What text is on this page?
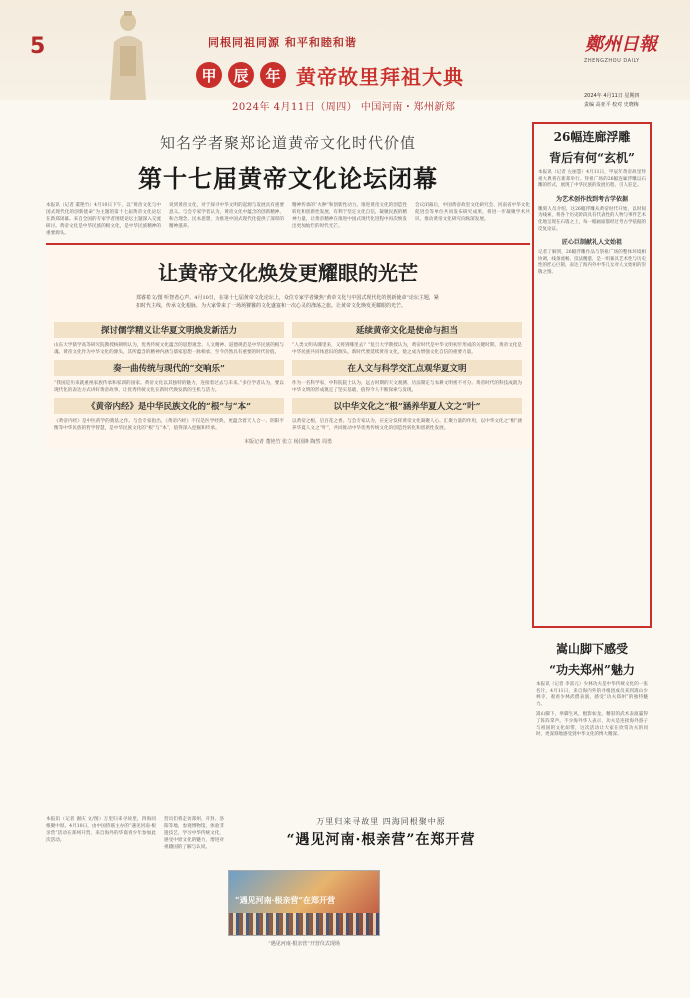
5	同根同祖同源 和平和睦和谐
甲	辰	年 黄帝故里拜祖大典
2024年 4月11日（周四） 中国河南・郑州新郑
鄭州日報
ZHENGZHOU DAILY
2024年 4月11日 星期四
责编 高亚平 校对 史晓梅
知名学者聚郑论道黄帝文化时代价值
第十七届黄帝文化论坛闭幕
本报讯（记者 董艳竹）4月10日下午，以“黄帝文化与中国式现代化的创新使命”为主题的第十七届黄帝文化论坛在新郑闭幕。来自全国的专家学者围绕论坛主题深入交流研讨。黄帝文化是中华民族的根文化，是中华民族精神的重要源头。
说到黄帝文化，对于探寻中华文明的起源与发展具有重要意义。与会专家学者认为，黄帝文化中蕴含的创新精神、和合理念、民本思想，为推进中国式现代化提供了深厚的精神滋养。
精神传承的“火种”和创新性动力。推进黄帝文化的创造性转化和创新性发展，有利于坚定文化自信，凝聚民族的精神力量，让黄帝精神在推进中国式现代化进程中再次焕发出更加灿烂的时代光芒。
会议闭幕后，中国黄帝故里文化研究会、河南省中华文化促进会等单位共同发布研究成果，将进一步凝聚学术共识，推动黄帝文化研究向纵深发展。
让黄帝文化焕发更耀眼的光芒
郑睿希文/图 听智者心声。4月10日，在第十七届黄帝文化论坛上，众位专家学者聚焦“黄帝文化与中国式现代化的创新使命”论坛主题，紧扣时代主线，传承文化根脉，为大家带来了一场场饕餮的文化盛宴和一次心灵的涤荡之旅。让黄帝文化焕发更耀眼的光芒。
探讨儒学精义让华夏文明焕发新活力
山东大学儒学高等研究院教授杨朝明认为，优秀传统文化蕴含的思想观念、人文精神、道德规范是中华民族的根与魂。黄帝文化作为中华文化的源头，其所蕴含的精神内涵与儒家思想一脉相承，至今仍然具有重要的时代价值。
奏一曲传统与现代的“交响乐”
“我国是历来就重视家族传承和家训的国家。黄帝文化以其独特的魅力，连接着过去与未来。”多位学者认为，要以现代化的表达方式讲好黄帝故事，让优秀传统文化在新时代焕发新的生机与活力。
《黄帝内经》是中华民族文化的“根”与“本”
《黄帝内经》是中医药学的奠基之作。与会专家指出，《黄帝内经》不仅是医学经典，更蕴含着天人合一、阴阳平衡等中华民族的哲学智慧，是中华民族文化的“根”与“本”，值得深入挖掘和传承。
延续黄帝文化是使命与担当
“人类文明从哪里来，又将到哪里去？”复旦大学教授认为，黄帝时代是中华文明初步形成的关键时期，黄帝文化是中华民族共同体意识的源头。新时代要延续黄帝文化，使之成为增强文化自信的重要力量。
在人文与科学交汇点观华夏文明
作为一名科学家，中科院院士认为，远古时期的天文观测、历法制定与农耕文明密不可分。黄帝时代的科技成就为中华文明的形成奠定了坚实基础，值得今人不断探索与发现。
以中华文化之“根”涵养华夏人文之“叶”
以黄帝之根，启百花之香。与会专家认为，应充分发挥黄帝文化凝聚人心、汇聚力量的作用，以中华文化之“根”涵养华夏人文之“叶”，共同推动中华优秀传统文化的创造性转化和创新性发展。
本版记者 董艳竹 张立 杨国锋 陶然 周勇
本报讯（记者 谢庆 文/图）万里归来寻故里，四海同根聚中原。4月10日，由中国侨联主办的“遇见河南·根亲营”活动在郑州开营，来自海外的华裔青少年参加此次活动。
营员们将走访郑州、开封、洛阳等地，参观博物馆，体验非遗技艺，学习中华传统文化，感受中原文化的魅力，增进对祖籍国的了解与认同。
万里归来寻故里 四海同根聚中原
“遇见河南·根亲营”在郑开营
“遇见河南·根亲营”在郑开营
“遇见河南·根亲营”开营仪式现场
26幅连廊浮雕
背后有何“玄机”
本报讯（记者 左丽慧）4月11日，甲辰年黄帝故里拜祖大典将在新郑举行。拜祖广场的26幅连廊浮雕以石雕的形式，展现了中华民族的发展历程，引人驻足。
为艺术创作找到考古学依据
雕刻人员介绍，这26幅浮雕从黄帝时代开始，以时间为线索，将各个历史阶段具有代表性的人物与事件艺术化地呈现在石墙之上，每一幅画面都经过考古学依据的反复论证。
匠心巨制献礼人文始祖
记者了解到，26幅浮雕作品与祭祖广场的整体环境相协调，线条流畅，技法精湛，是一组兼具艺术性与历史性的匠心巨制，表达了海内外中华儿女对人文始祖的崇敬之情。
嵩山脚下感受
“功夫郑州”魅力
本报讯（记者 李富元）少林功夫是中华传统文化的一张名片。4月11日，来自海内外的寻根团成员来到嵩山少林寺，观看少林武僧表演，感受“功夫郑州”的独特魅力。
嵩山脚下，拳脚生风，棍影如龙。精彩的武术表演赢得了阵阵掌声。不少海外华人表示，功夫是连接海外游子与祖国的文化纽带，这次活动让大家在欣赏功夫的同时，更深刻地感受到中华文化的博大精深。
